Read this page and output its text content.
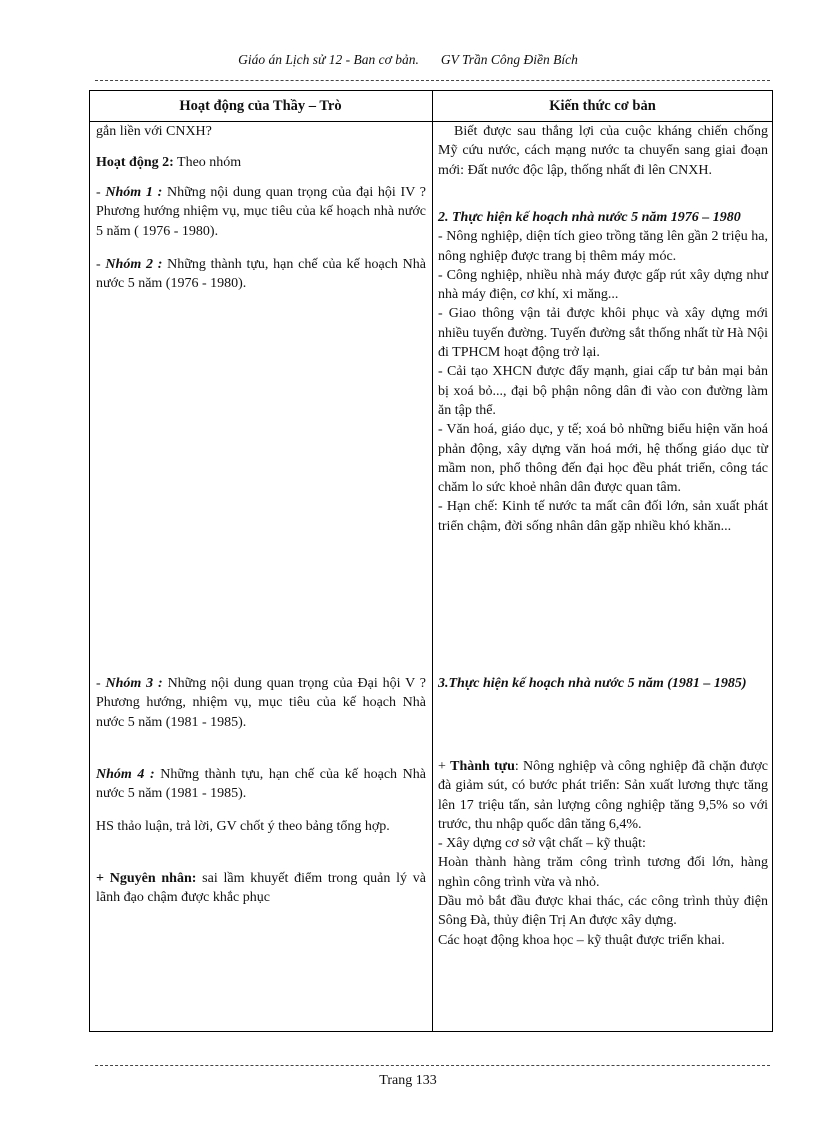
Giáo án Lịch sử 12 - Ban cơ bản. GV Trần Công Điền Bích
Hoạt động của Thầy – Trò	Kiến thức cơ bản

gắn liền với CNXH?

Hoạt động 2: Theo nhóm

- Nhóm 1 : Những nội dung quan trọng của đại hội IV ? Phương hướng nhiệm vụ, mục tiêu của kế hoạch nhà nước 5 năm ( 1976 - 1980).

- Nhóm 2 : Những thành tựu, hạn chế của kế hoạch Nhà nước 5 năm (1976 - 1980).

- Nhóm 3 : Những nội dung quan trọng của Đại hội V ? Phương hướng, nhiệm vụ, mục tiêu của kế hoạch Nhà nước 5 năm (1981 - 1985).

Nhóm 4 : Những thành tựu, hạn chế của kế hoạch Nhà nước 5 năm (1981 - 1985).

HS thảo luận, trả lời, GV chốt ý theo bảng tổng hợp.

+ Nguyên nhân: sai lầm khuyết điểm trong quản lý và lãnh đạo chậm được khắc phục

Biết được sau thắng lợi của cuộc kháng chiến chống Mỹ cứu nước, cách mạng nước ta chuyển sang giai đoạn mới: Đất nước độc lập, thống nhất đi lên CNXH.

2. Thực hiện kế hoạch nhà nước 5 năm 1976 – 1980

- Nông nghiệp, diện tích gieo trồng tăng lên gần 2 triệu ha, nông nghiệp được trang bị thêm máy móc.

- Công nghiệp, nhiều nhà máy được gấp rút xây dựng như nhà máy điện, cơ khí, xi măng...

- Giao thông vận tải được khôi phục và xây dựng mới nhiều tuyến đường. Tuyến đường sắt thống nhất từ Hà Nội đi TPHCM hoạt động trở lại.

- Cải tạo XHCN được đẩy mạnh, giai cấp tư bản mại bản bị xoá bỏ..., đại bộ phận nông dân đi vào con đường làm ăn tập thể.

- Văn hoá, giáo dục, y tế; xoá bỏ những biểu hiện văn hoá phản động, xây dựng văn hoá mới, hệ thống giáo dục từ mầm non, phổ thông đến đại học đều phát triển, công tác chăm lo sức khoẻ nhân dân được quan tâm.

- Hạn chế: Kinh tế nước ta mất cân đối lớn, sản xuất phát triển chậm, đời sống nhân dân gặp nhiều khó khăn...

3.Thực hiện kế hoạch nhà nước 5 năm (1981 – 1985)

+ Thành tựu: Nông nghiệp và công nghiệp đã chặn được đà giảm sút, có bước phát triển: Sản xuất lương thực tăng lên 17 triệu tấn, sản lượng công nghiệp tăng 9,5% so với trước, thu nhập quốc dân tăng 6,4%.

- Xây dựng cơ sở vật chất – kỹ thuật:

Hoàn thành hàng trăm công trình tương đối lớn, hàng nghìn công trình vừa và nhỏ.

Dầu mỏ bắt đầu được khai thác, các công trình thủy điện Sông Đà, thủy điện Trị An được xây dựng.

Các hoạt động khoa học – kỹ thuật được triển khai.

Trang 133
